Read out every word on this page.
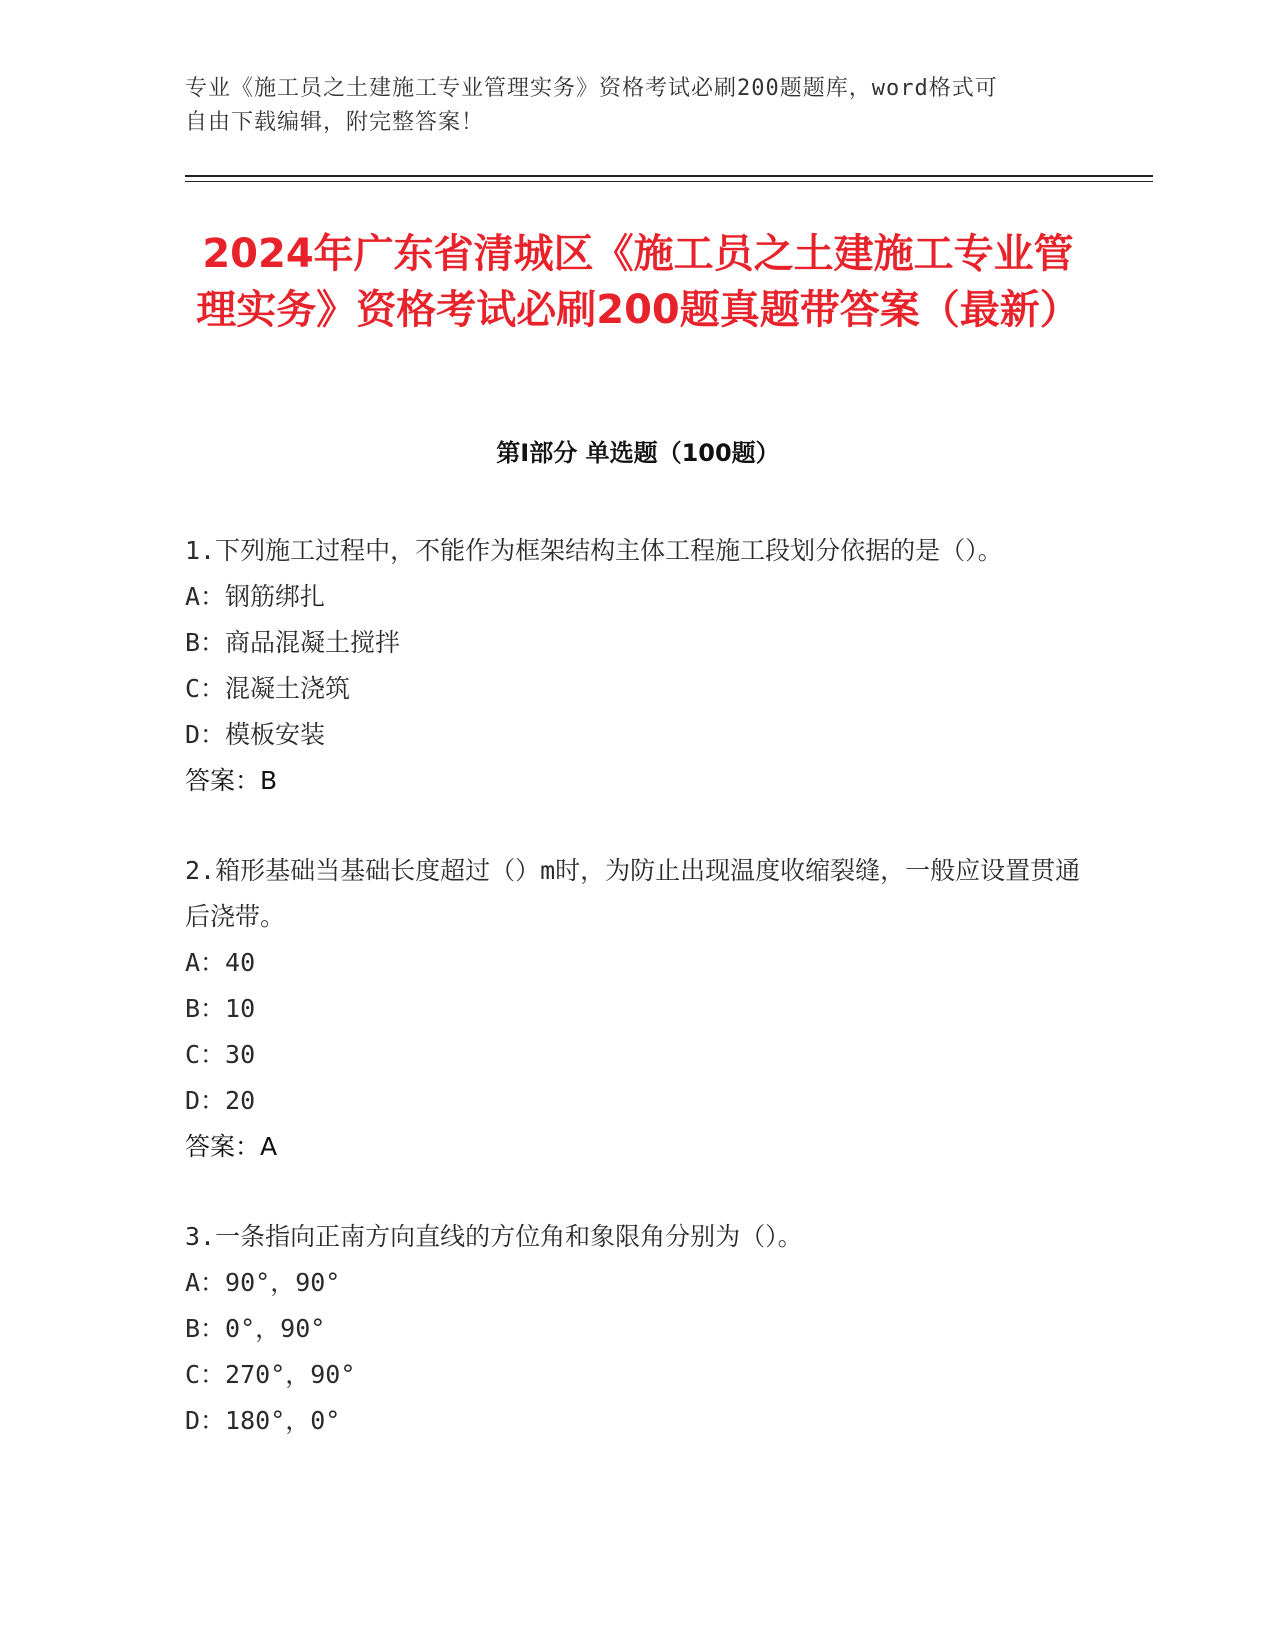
专业《施工员之土建施工专业管理实务》资格考试必刷200题题库，word格式可
自由下载编辑，附完整答案！
2024年广东省清城区《施工员之土建施工专业管理实务》资格考试必刷200题真题带答案（最新）
第Ⅰ部分 单选题（100题）

1.下列施工过程中，不能作为框架结构主体工程施工段划分依据的是（）。

A：钢筋绑扎

B：商品混凝土搅拌

C：混凝土浇筑

D：模板安装

答案：B

2.箱形基础当基础长度超过（）m时，为防止出现温度收缩裂缝，一般应设置贯通后浇带。

A：40

B：10

C：30

D：20

答案：A

3.一条指向正南方向直线的方位角和象限角分别为（）。

A：90°，90°

B：0°，90°

C：270°，90°

D：180°，0°
